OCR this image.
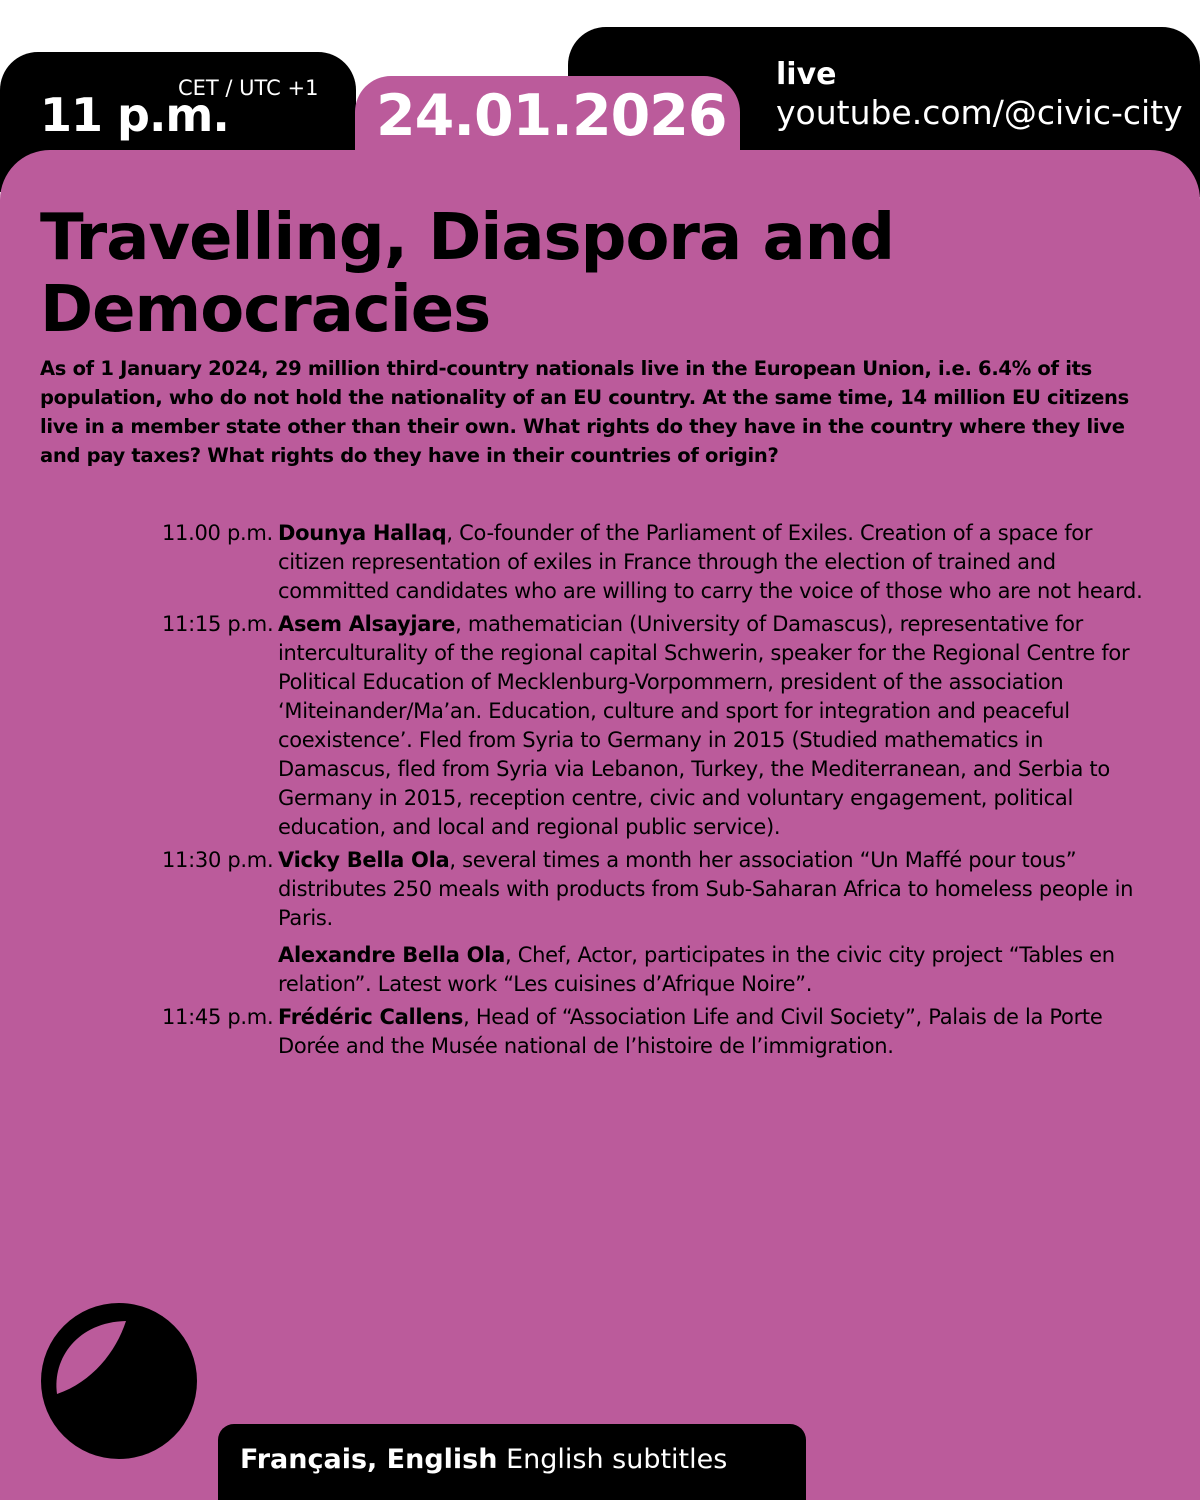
11 p.m.
CET / UTC +1 24.01.2026
live
youtube.com/@civic-city
Travelling, Diaspora and Democracies

As of 1 January 2024, 29 million third-country nationals live in the European Union, i.e. 6.4% of its population, who do not hold the nationality of an EU country. At the same time, 14 million EU citizens live in a member state other than their own. What rights do they have in the country where they live and pay taxes? What rights do they have in their countries of origin?

11.00 p.m. Dounya Hallaq, Co-founder of the Parliament of Exiles. Creation of a space for citizen representation of exiles in France through the election of trained and committed candidates who are willing to carry the voice of those who are not heard.

11:15 p.m. Asem Alsayjare, mathematician (University of Damascus), representative for interculturality of the regional capital Schwerin, speaker for the Regional Centre for Political Education of Mecklenburg-Vorpommern, president of the association ‘Miteinander/Ma’an. Education, culture and sport for integration and peaceful coexistence’. Fled from Syria to Germany in 2015 (Studied mathematics in Damascus, fled from Syria via Lebanon, Turkey, the Mediterranean, and Serbia to Germany in 2015, reception centre, civic and voluntary engagement, political education, and local and regional public service).

11:30 p.m. Vicky Bella Ola, several times a month her association “Un Maffé pour tous” distributes 250 meals with products from Sub-Saharan Africa to homeless people in Paris.

Alexandre Bella Ola, Chef, Actor, participates in the civic city project “Tables en relation”. Latest work “Les cuisines d’Afrique Noire”.

11:45 p.m. Frédéric Callens, Head of “Association Life and Civil Society”, Palais de la Porte Dorée and the Musée national de l’histoire de l’immigration.

Français, English English subtitles
